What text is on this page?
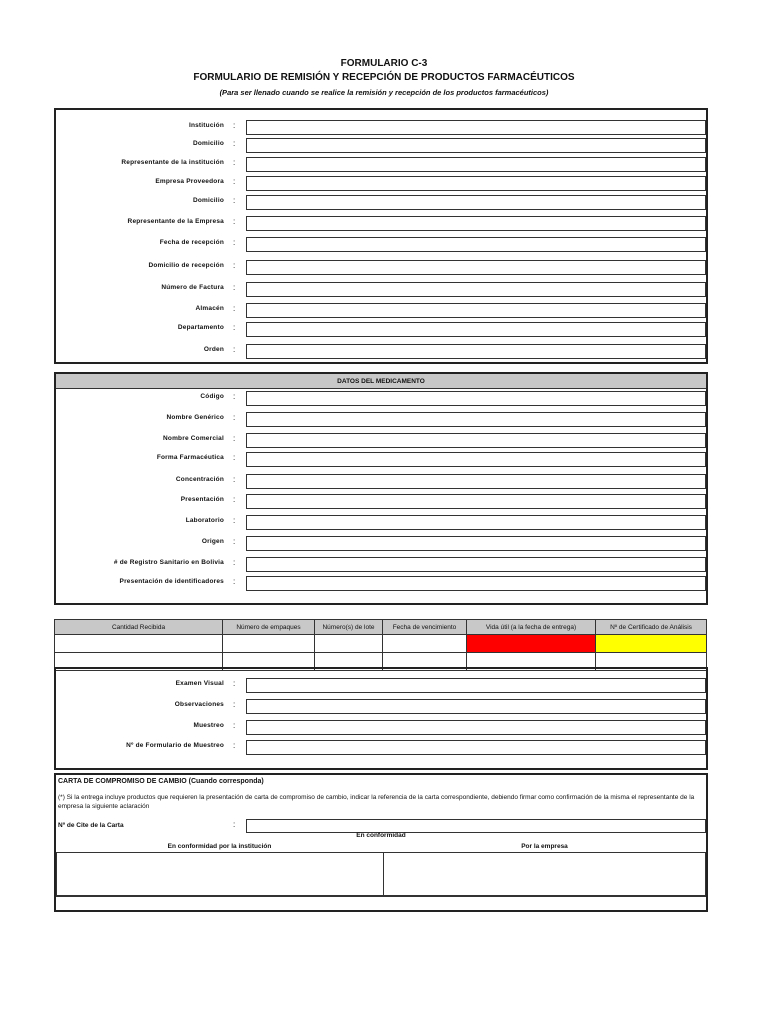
FORMULARIO C-3
FORMULARIO DE REMISIÓN Y RECEPCIÓN DE PRODUCTOS FARMACÉUTICOS
(Para ser llenado cuando se realice la remisión y recepción de los productos farmacéuticos)
Institución :
Domicilio :
Representante de la institución :
Empresa Proveedora :
Domicilio :
Representante de la Empresa :
Fecha de recepción :
Domicilio de recepción :
Número de Factura :
Almacén :
Departamento :
Orden :
DATOS DEL MEDICAMENTO
Código :
Nombre Genérico :
Nombre Comercial :
Forma Farmacéutica :
Concentración :
Presentación :
Laboratorio :
Origen :
# de Registro Sanitario en Bolivia :
Presentación de identificadores :
Cantidad Recibida	Número de empaques	Número(s) de lote	Fecha de vencimiento	Vida útil (a la fecha de entrega)	Nº de Certificado de Análisis

Examen Visual :
Observaciones :
Muestreo :
Nº de Formulario de Muestreo :
CARTA DE COMPROMISO DE CAMBIO (Cuando corresponda)
(*) Si la entrega incluye productos que requieren la presentación de carta de compromiso de cambio, indicar la referencia de la carta correspondiente, debiendo firmar como confirmación de la misma el representante de la empresa la siguiente aclaración
Nº de Cite de la Carta	:
En conformidad
En conformidad por la institución	Por la empresa
